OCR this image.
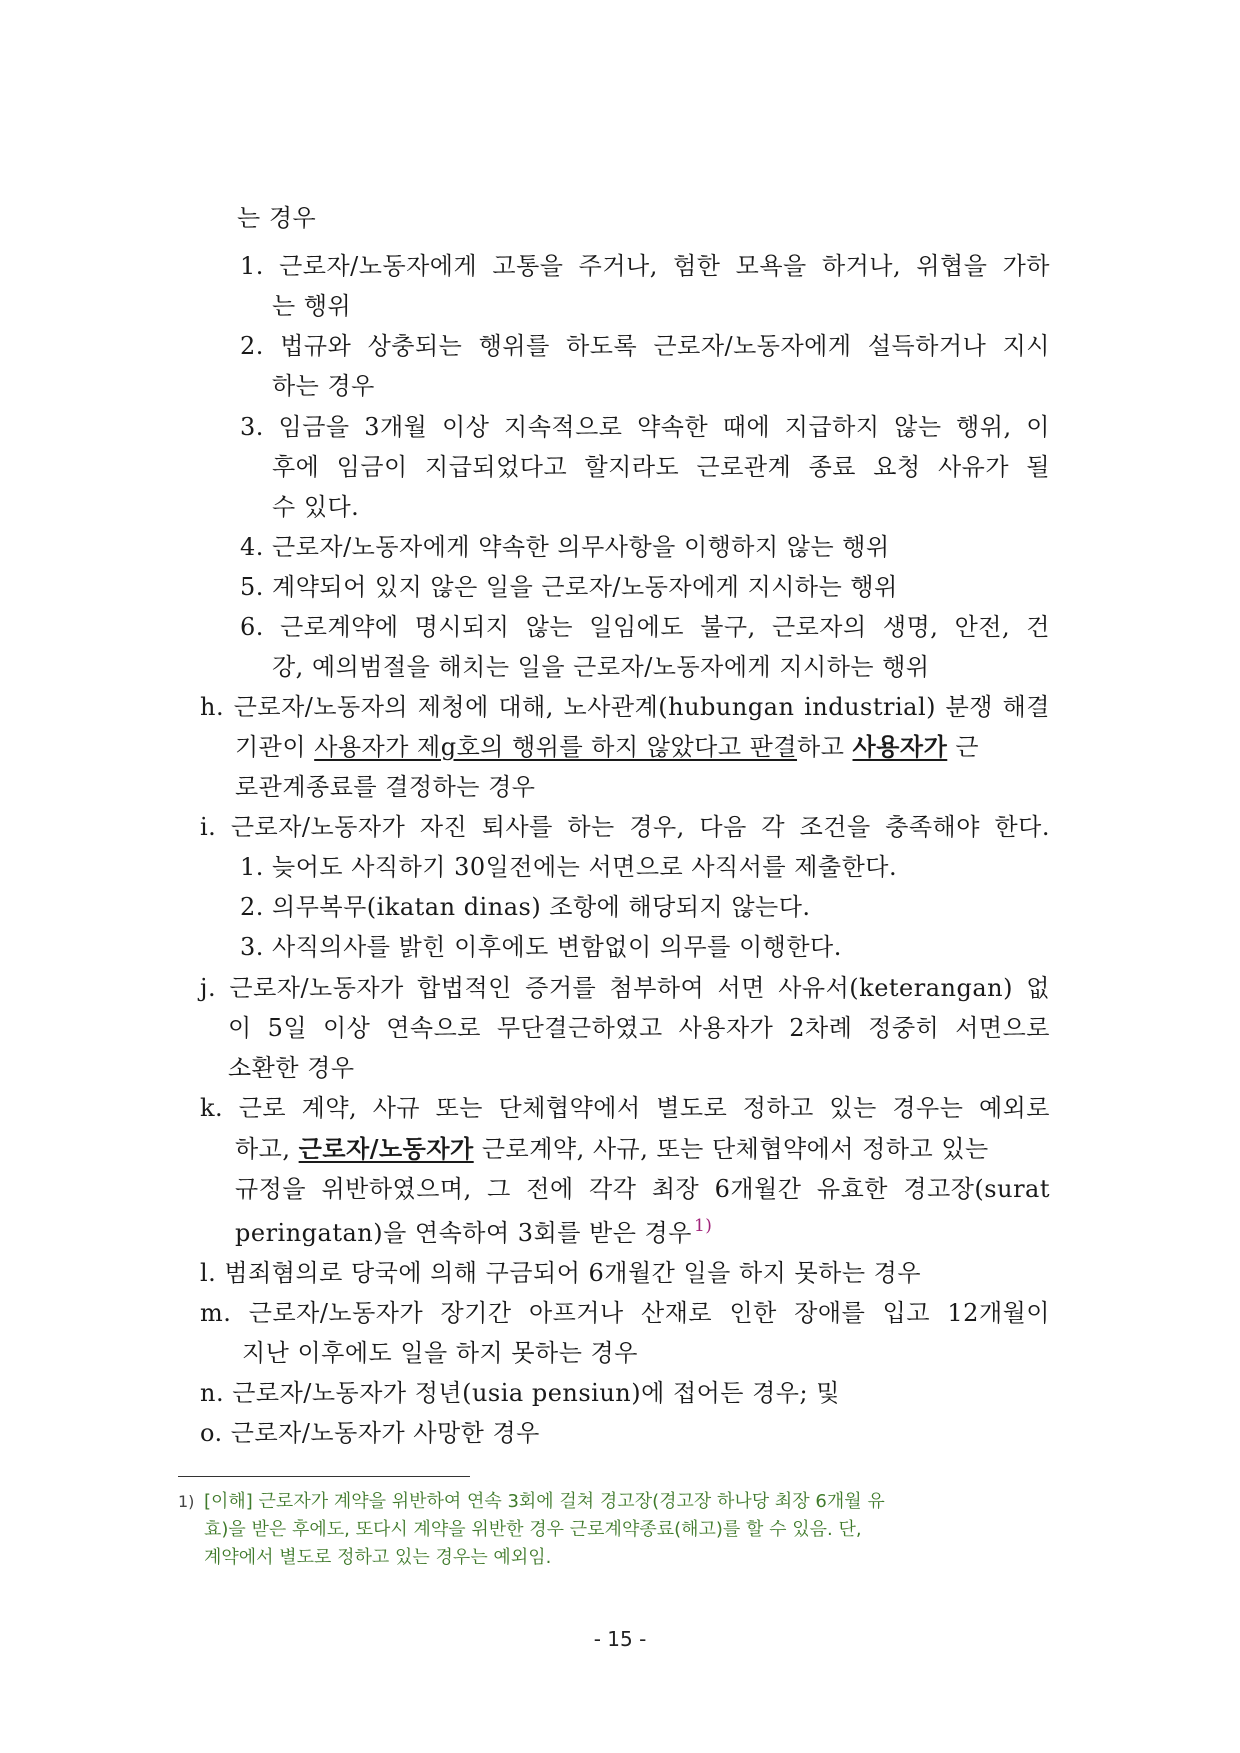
는 경우
1. 근로자/노동자에게 고통을 주거나, 험한 모욕을 하거나, 위협을 가하
는 행위
2. 법규와 상충되는 행위를 하도록 근로자/노동자에게 설득하거나 지시
하는 경우
3. 임금을 3개월 이상 지속적으로 약속한 때에 지급하지 않는 행위, 이
후에 임금이 지급되었다고 할지라도 근로관계 종료 요청 사유가 될
수 있다.
4. 근로자/노동자에게 약속한 의무사항을 이행하지 않는 행위
5. 계약되어 있지 않은 일을 근로자/노동자에게 지시하는 행위
6. 근로계약에 명시되지 않는 일임에도 불구, 근로자의 생명, 안전, 건
강, 예의범절을 해치는 일을 근로자/노동자에게 지시하는 행위
h. 근로자/노동자의 제청에 대해, 노사관계(hubungan industrial) 분쟁 해결
기관이 사용자가 제g호의 행위를 하지 않았다고 판결하고 사용자가 근
로관계종료를 결정하는 경우
i. 근로자/노동자가 자진 퇴사를 하는 경우, 다음 각 조건을 충족해야 한다.
1. 늦어도 사직하기 30일전에는 서면으로 사직서를 제출한다.
2. 의무복무(ikatan dinas) 조항에 해당되지 않는다.
3. 사직의사를 밝힌 이후에도 변함없이 의무를 이행한다.
j. 근로자/노동자가 합법적인 증거를 첨부하여 서면 사유서(keterangan) 없
이 5일 이상 연속으로 무단결근하였고 사용자가 2차례 정중히 서면으로
소환한 경우
k. 근로 계약, 사규 또는 단체협약에서 별도로 정하고 있는 경우는 예외로
하고, 근로자/노동자가 근로계약, 사규, 또는 단체협약에서 정하고 있는
규정을 위반하였으며, 그 전에 각각 최장 6개월간 유효한 경고장(surat
peringatan)을 연속하여 3회를 받은 경우 $^{1)}$
l. 범죄혐의로 당국에 의해 구금되어 6개월간 일을 하지 못하는 경우
m. 근로자/노동자가 장기간 아프거나 산재로 인한 장애를 입고 12개월이
지난 이후에도 일을 하지 못하는 경우
n. 근로자/노동자가 정년(usia pensiun)에 접어든 경우; 및
o. 근로자/노동자가 사망한 경우
1) [이해] 근로자가 계약을 위반하여 연속 3회에 걸쳐 경고장(경고장 하나당 최장 6개월 유
효)을 받은 후에도, 또다시 계약을 위반한 경우 근로계약종료(해고)를 할 수 있음. 단,
계약에서 별도로 정하고 있는 경우는 예외임.
- 15 -
